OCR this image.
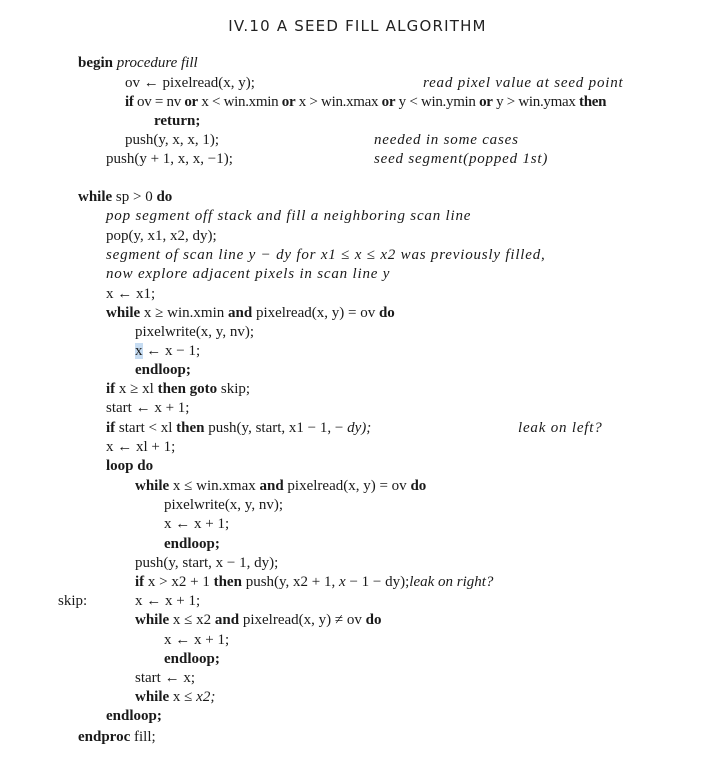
IV.10 A SEED FILL ALGORITHM
begin procedure fill
ov ← pixelread(x, y);	read pixel value at seed point
if ov = nv or x < win.xmin or x > win.xmax or y < win.ymin or y > win.ymax then
return;
push(y, x, x, 1);	needed in some cases
push(y + 1, x, x, −1);	seed segment(popped 1st)
while sp > 0 do
pop segment off stack and fill a neighboring scan line
pop(y, x1, x2, dy);
segment of scan line y − dy for x1 ≤ x ≤ x2 was previously filled,
now explore adjacent pixels in scan line y
x ← x1;
while x ≥ win.xmin and pixelread(x, y) = ov do
pixelwrite(x, y, nv);
x ← x − 1;
endloop;
if x ≥ xl then goto skip;
start ← x + 1;
if start < xl then push(y, start, x1 − 1, − dy);	leak on left?
x ← xl + 1;
loop do
while x ≤ win.xmax and pixelread(x, y) = ov do
pixelwrite(x, y, nv);
x ← x + 1;
endloop;
push(y, start, x − 1, dy);
if x > x2 + 1 then push(y, x2 + 1, x − 1 − dy);leak on right?
x ← x + 1;
while x ≤ x2 and pixelread(x, y) ≠ ov do
x ← x + 1;
endloop;
start ← x;
while x ≤ x2;
endloop;
endproc fill;
skip:
